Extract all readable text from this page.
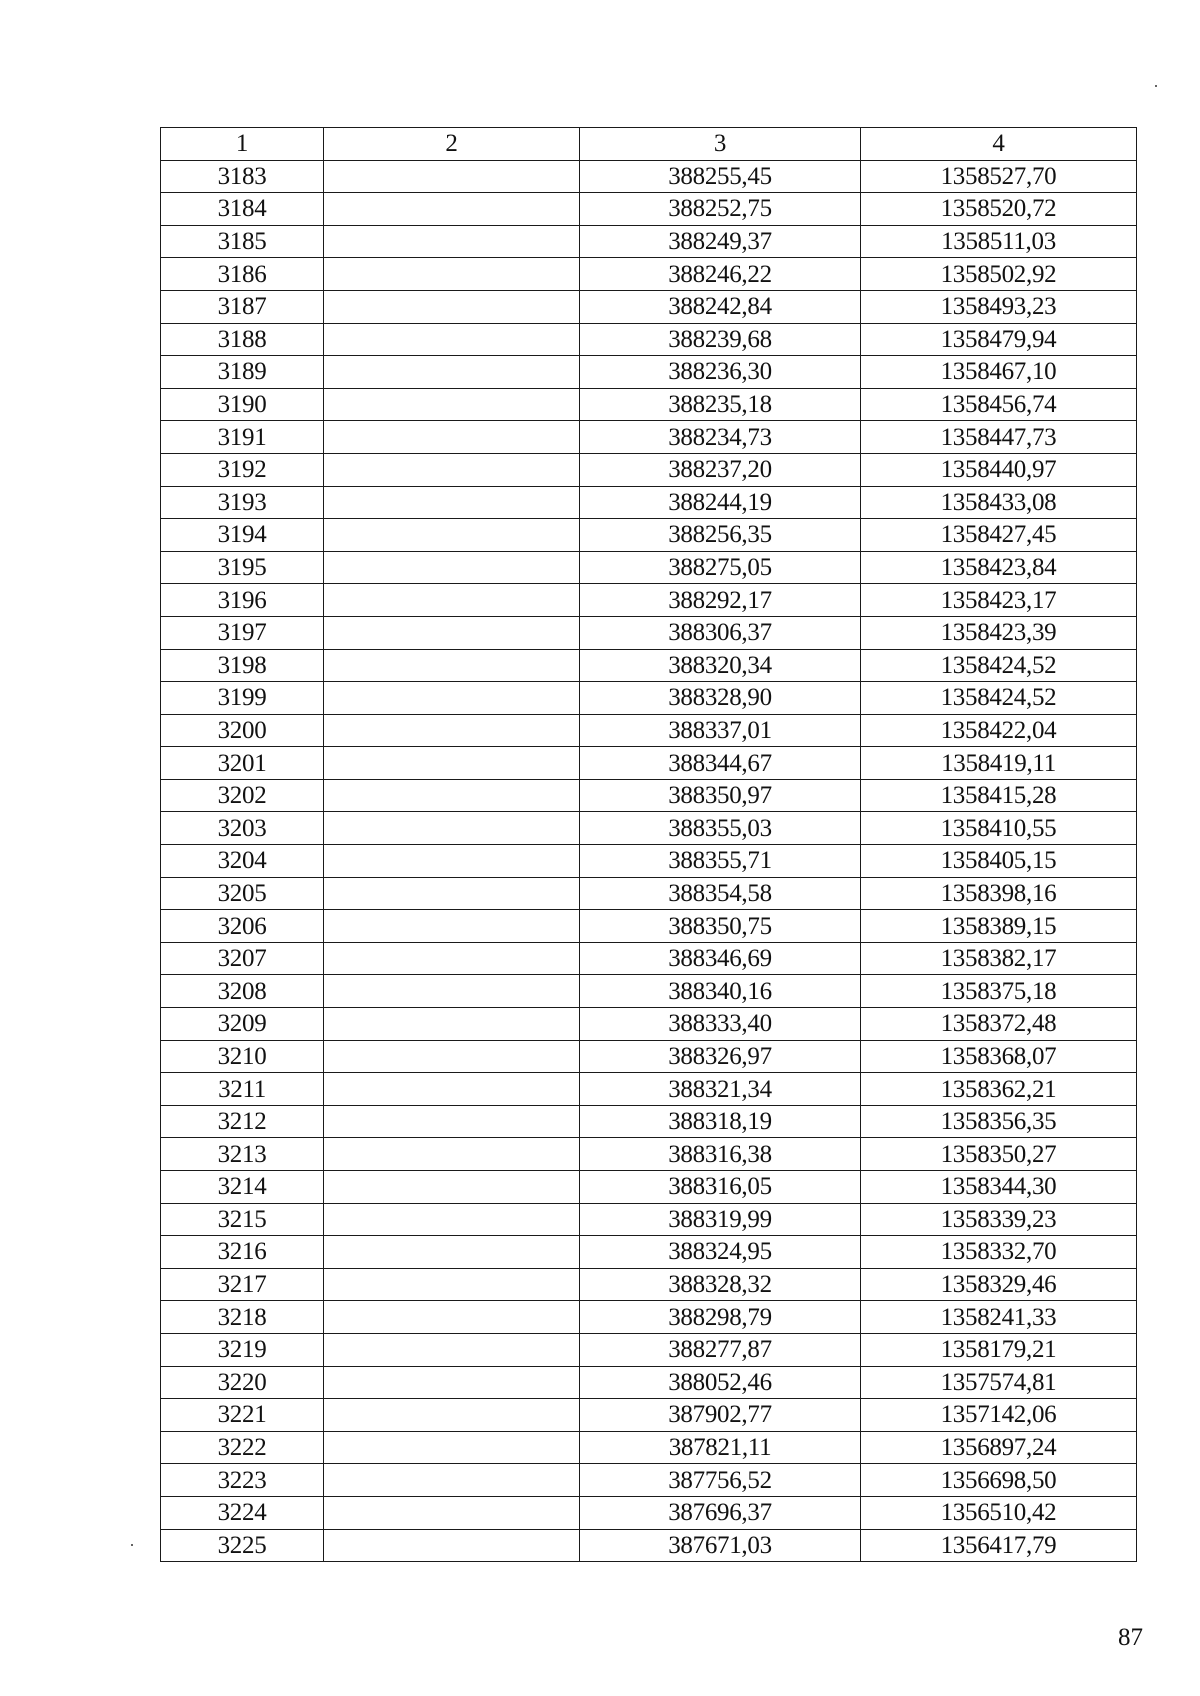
1	2	3	4
3183		388255,45	1358527,70
3184		388252,75	1358520,72
3185		388249,37	1358511,03
3186		388246,22	1358502,92
3187		388242,84	1358493,23
3188		388239,68	1358479,94
3189		388236,30	1358467,10
3190		388235,18	1358456,74
3191		388234,73	1358447,73
3192		388237,20	1358440,97
3193		388244,19	1358433,08
3194		388256,35	1358427,45
3195		388275,05	1358423,84
3196		388292,17	1358423,17
3197		388306,37	1358423,39
3198		388320,34	1358424,52
3199		388328,90	1358424,52
3200		388337,01	1358422,04
3201		388344,67	1358419,11
3202		388350,97	1358415,28
3203		388355,03	1358410,55
3204		388355,71	1358405,15
3205		388354,58	1358398,16
3206		388350,75	1358389,15
3207		388346,69	1358382,17
3208		388340,16	1358375,18
3209		388333,40	1358372,48
3210		388326,97	1358368,07
3211		388321,34	1358362,21
3212		388318,19	1358356,35
3213		388316,38	1358350,27
3214		388316,05	1358344,30
3215		388319,99	1358339,23
3216		388324,95	1358332,70
3217		388328,32	1358329,46
3218		388298,79	1358241,33
3219		388277,87	1358179,21
3220		388052,46	1357574,81
3221		387902,77	1357142,06
3222		387821,11	1356897,24
3223		387756,52	1356698,50
3224		387696,37	1356510,42
3225		387671,03	1356417,79
87
